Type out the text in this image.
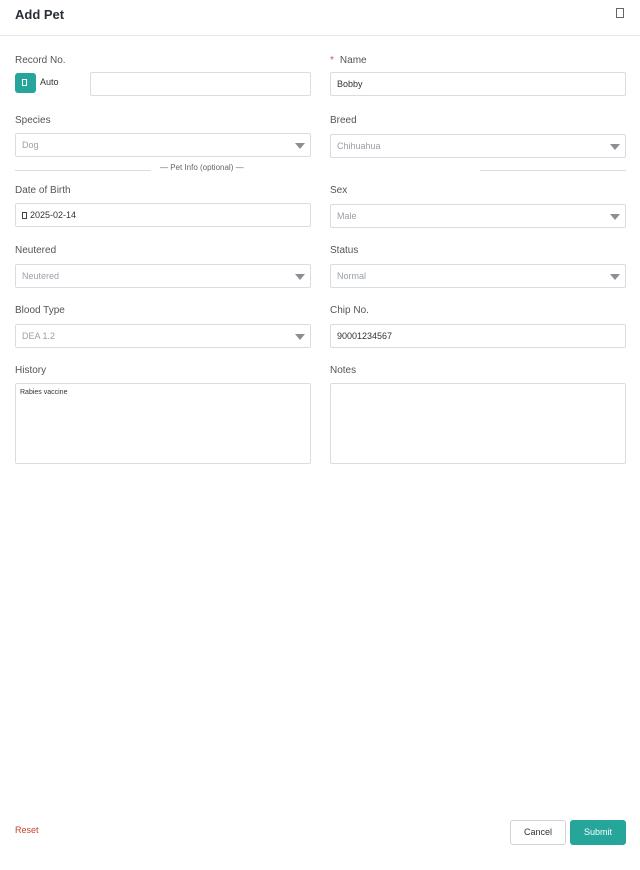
Add Pet
Record No.
Auto
* Name
Bobby
Species
Dog
Breed
Chihuahua
— Pet Info (optional) —
Date of Birth
2025-02-14
Sex
Male
Neutered
Neutered
Status
Normal
Blood Type
DEA 1.2
Chip No.
90001234567
History
Rabies vaccine
Notes
Reset	Cancel	Submit
